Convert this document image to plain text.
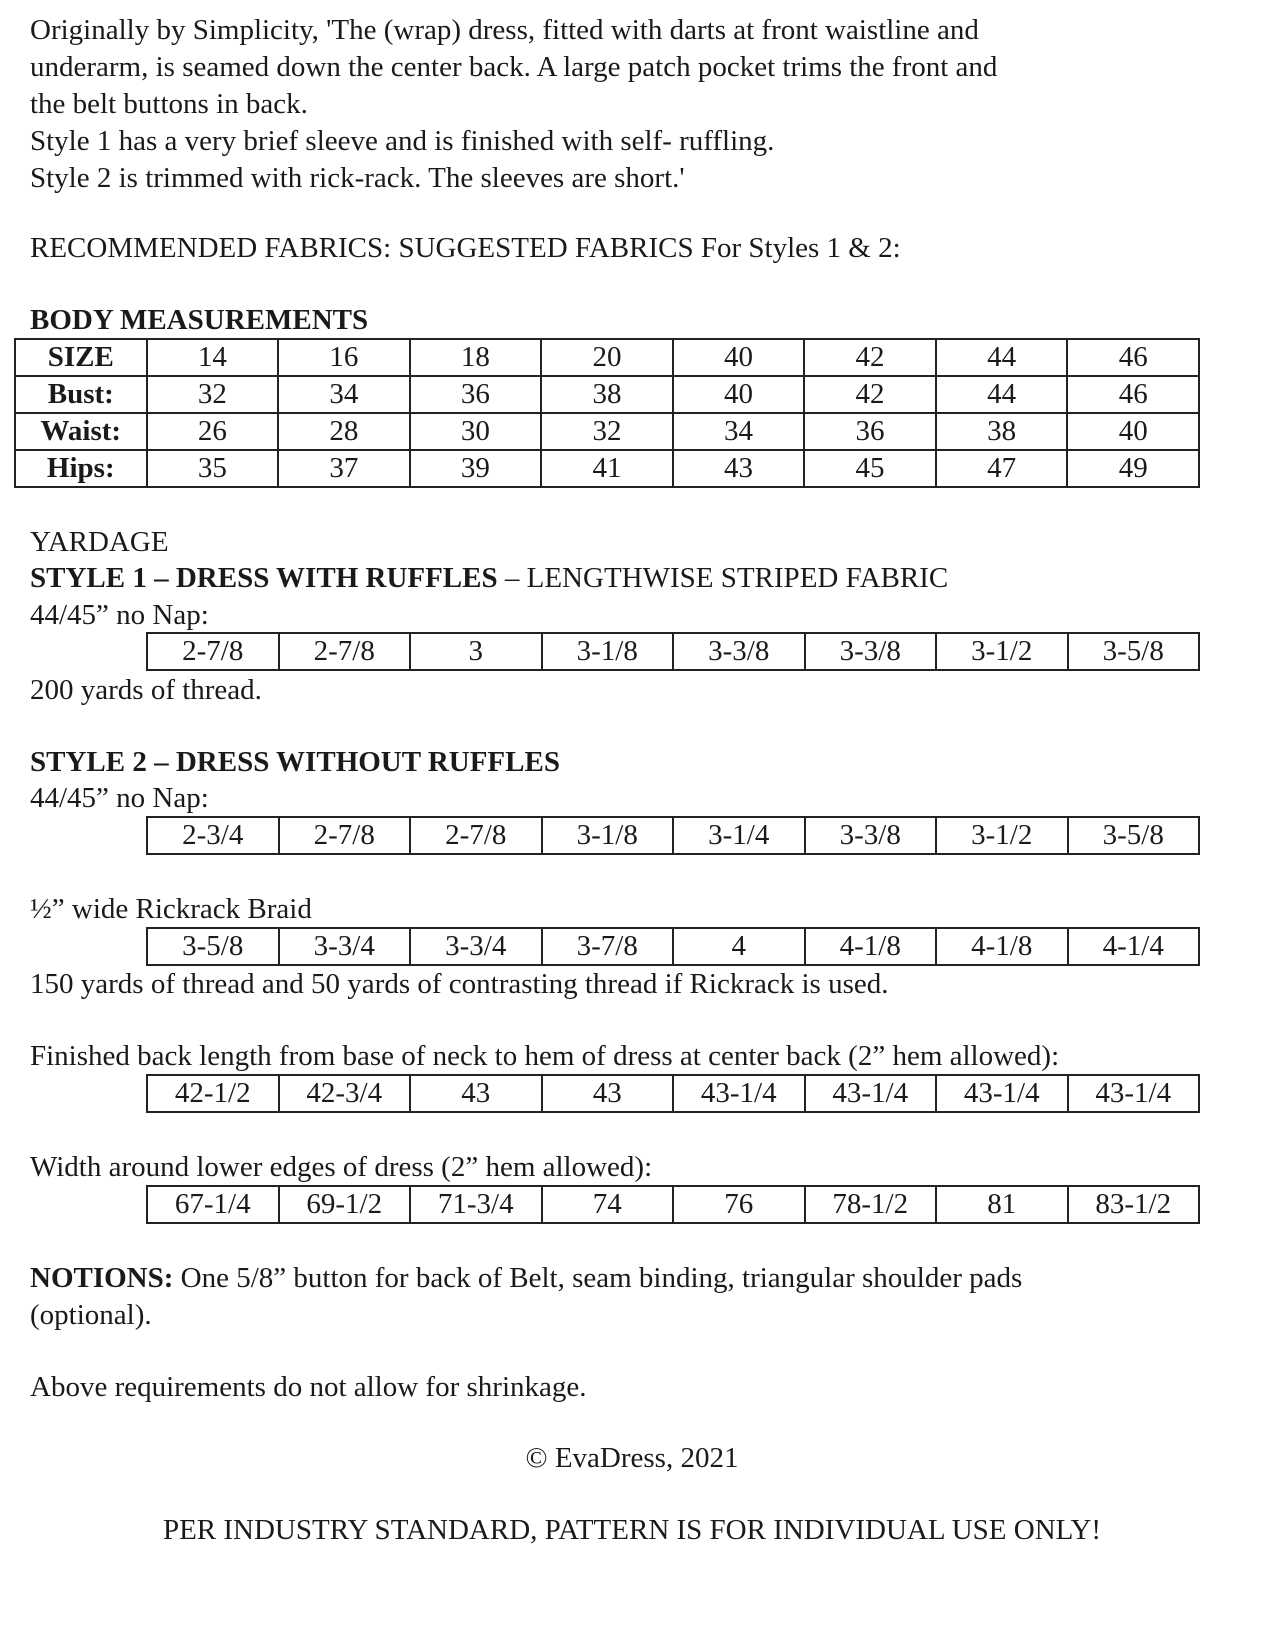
Originally by Simplicity, 'The (wrap) dress, fitted with darts at front waistline and

underarm, is seamed down the center back. A large patch pocket trims the front and

the belt buttons in back.

Style 1 has a very brief sleeve and is finished with self- ruffling.

Style 2 is trimmed with rick-rack. The sleeves are short.'

RECOMMENDED FABRICS: SUGGESTED FABRICS For Styles 1 & 2:

BODY MEASUREMENTS

SIZE	14	16	18	20	40	42	44	46
Bust:	32	34	36	38	40	42	44	46
Waist:	26	28	30	32	34	36	38	40
Hips:	35	37	39	41	43	45	47	49

YARDAGE

STYLE 1 – DRESS WITH RUFFLES – LENGTHWISE STRIPED FABRIC

44/45” no Nap:

2-7/8	2-7/8	3	3-1/8	3-3/8	3-3/8	3-1/2	3-5/8

200 yards of thread.

STYLE 2 – DRESS WITHOUT RUFFLES

44/45” no Nap:

2-3/4	2-7/8	2-7/8	3-1/8	3-1/4	3-3/8	3-1/2	3-5/8

½” wide Rickrack Braid

3-5/8	3-3/4	3-3/4	3-7/8	4	4-1/8	4-1/8	4-1/4

150 yards of thread and 50 yards of contrasting thread if Rickrack is used.

Finished back length from base of neck to hem of dress at center back (2” hem allowed):

42-1/2	42-3/4	43	43	43-1/4	43-1/4	43-1/4	43-1/4

Width around lower edges of dress (2” hem allowed):

67-1/4	69-1/2	71-3/4	74	76	78-1/2	81	83-1/2

NOTIONS: One 5/8” button for back of Belt, seam binding, triangular shoulder pads

(optional).

Above requirements do not allow for shrinkage.

© EvaDress, 2021

PER INDUSTRY STANDARD, PATTERN IS FOR INDIVIDUAL USE ONLY!
